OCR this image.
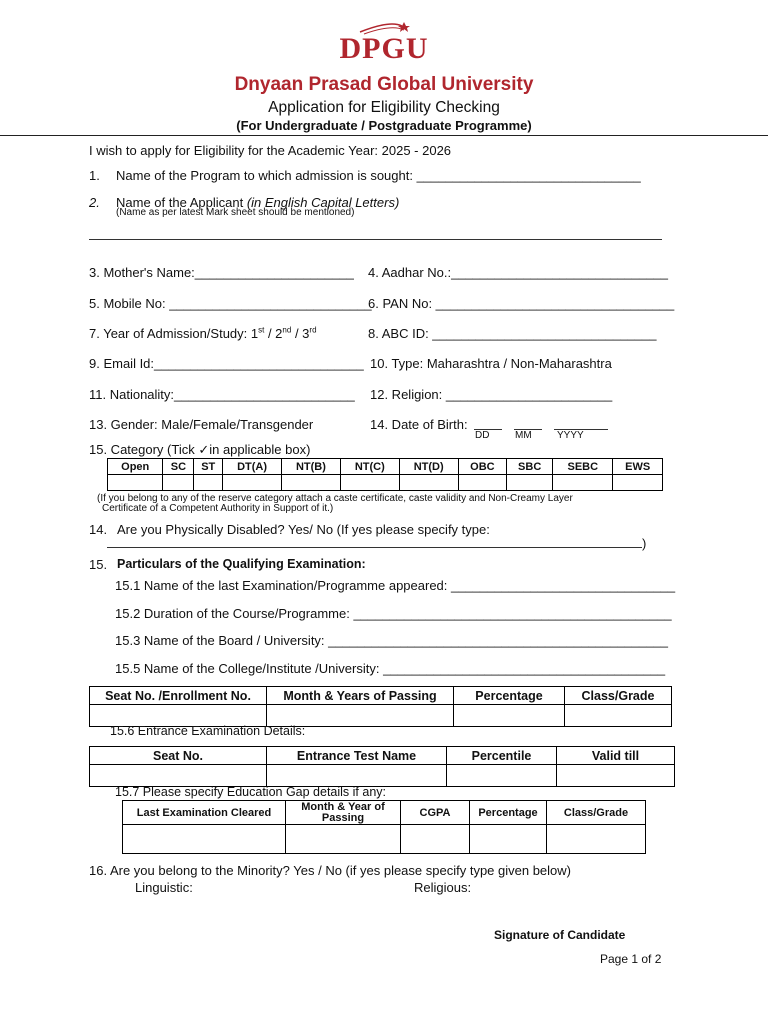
DPGU
Dnyaan Prasad Global University
Application for Eligibility Checking
(For Undergraduate / Postgraduate Programme)
I wish to apply for Eligibility for the Academic Year: 2025 - 2026
1. Name of the Program to which admission is sought: _______________________________
2. Name of the Applicant (in English Capital Letters)
(Name as per latest Mark sheet should be mentioned)
3. Mother's Name:______________________ 4. Aadhar No.:______________________________
5. Mobile No: ____________________________
6. PAN No: _________________________________
7. Year of Admission/Study: 1st / 2nd / 3rd	8. ABC ID: _______________________________
9. Email Id:_____________________________ 10. Type: Maharashtra / Non-Maharashtra
11. Nationality:_________________________ 12. Religion: _______________________
13. Gender: Male/Female/Transgender	14. Date of Birth:
DD	MM	YYYY
15. Category (Tick ✓in applicable box)
Open	SC	ST	DT(A)	NT(B)	NT(C)	NT(D)	OBC	SBC	SEBC	EWS

(If you belong to any of the reserve category attach a caste certificate, caste validity and Non-Creamy Layer
Certificate of a Competent Authority in Support of it.)
14. Are you Physically Disabled? Yes/ No (If yes please specify type:
)
15. Particulars of the Qualifying Examination:
15.1 Name of the last Examination/Programme appeared: _______________________________
15.2 Duration of the Course/Programme: ____________________________________________
15.3 Name of the Board / University: _______________________________________________
15.5 Name of the College/Institute /University: _______________________________________
Seat No. /Enrollment No.	Month & Years of Passing	Percentage	Class/Grade

15.6 Entrance Examination Details:
Seat No.	Entrance Test Name	Percentile	Valid till

15.7 Please specify Education Gap details if any:
Last Examination Cleared	Month & Year of Passing	CGPA	Percentage	Class/Grade

16. Are you belong to the Minority? Yes / No (if yes please specify type given below)
Linguistic:	Religious:
Signature of Candidate
Page 1 of 2
